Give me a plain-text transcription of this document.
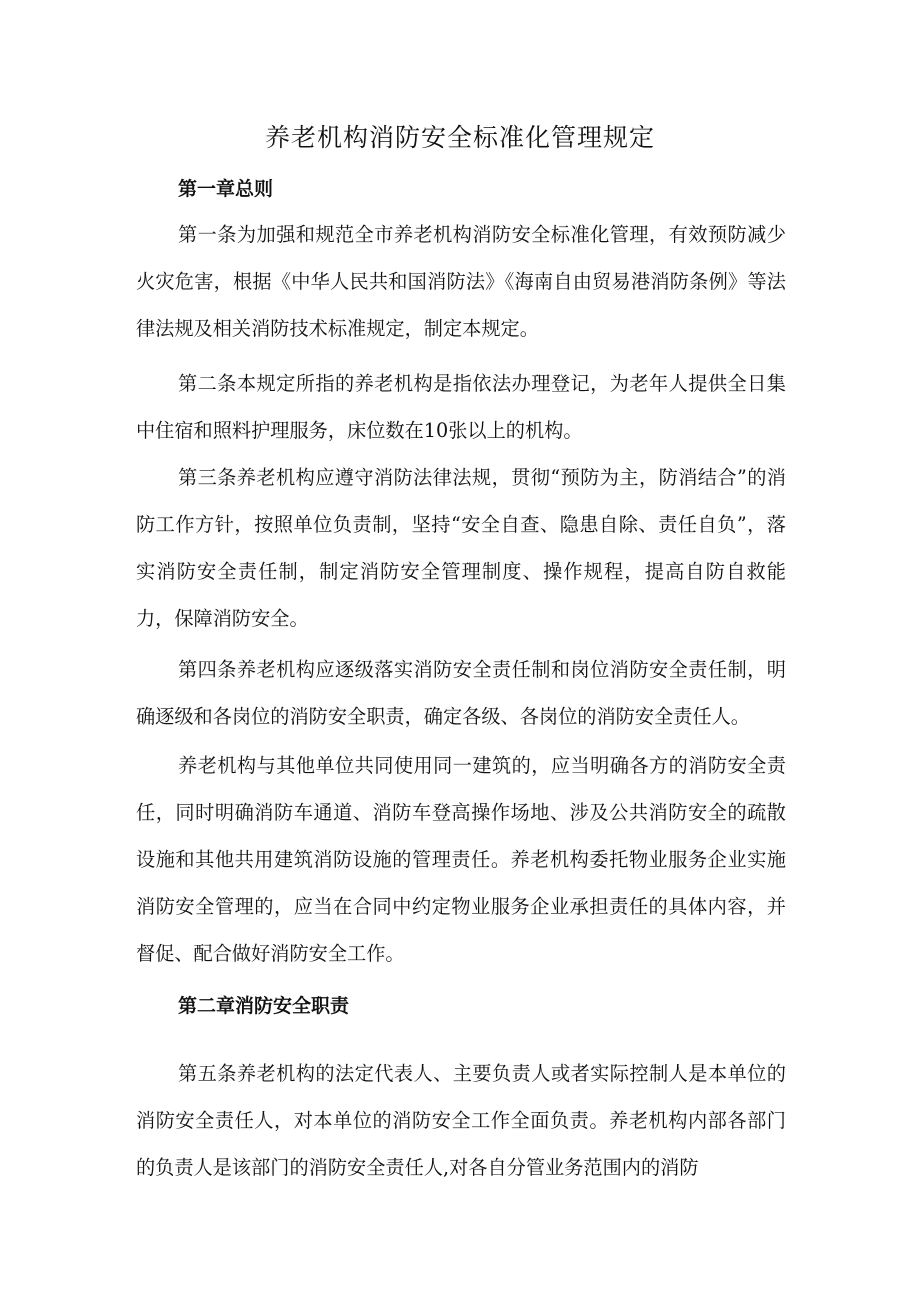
养老机构消防安全标准化管理规定
第一章总则

第一条为加强和规范全市养老机构消防安全标准化管理，有效预防减少火灾危害，根据《中华人民共和国消防法》《海南自由贸易港消防条例》等法律法规及相关消防技术标准规定，制定本规定。

第二条本规定所指的养老机构是指依法办理登记，为老年人提供全日集中住宿和照料护理服务，床位数在10张以上的机构。

第三条养老机构应遵守消防法律法规，贯彻“预防为主，防消结合”的消防工作方针，按照单位负责制，坚持“安全自查、隐患自除、责任自负”，落实消防安全责任制，制定消防安全管理制度、操作规程，提高自防自救能力，保障消防安全。

第四条养老机构应逐级落实消防安全责任制和岗位消防安全责任制，明确逐级和各岗位的消防安全职责，确定各级、各岗位的消防安全责任人。

养老机构与其他单位共同使用同一建筑的，应当明确各方的消防安全责任，同时明确消防车通道、消防车登高操作场地、涉及公共消防安全的疏散设施和其他共用建筑消防设施的管理责任。养老机构委托物业服务企业实施消防安全管理的，应当在合同中约定物业服务企业承担责任的具体内容，并督促、配合做好消防安全工作。

第二章消防安全职责

第五条养老机构的法定代表人、主要负责人或者实际控制人是本单位的消防安全责任人，对本单位的消防安全工作全面负责。养老机构内部各部门的负责人是该部门的消防安全责任人,对各自分管业务范围内的消防
